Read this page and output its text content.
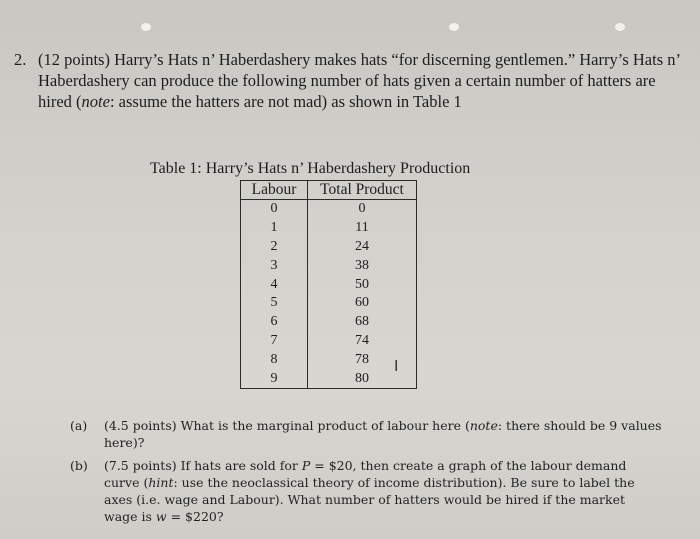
2. (12 points) Harry’s Hats n’ Haberdashery makes hats “for discerning gentlemen.” Harry’s Hats n’ Haberdashery can produce the following number of hats given a certain number of hatters are hired (note: assume the hatters are not mad) as shown in Table 1
Table 1: Harry’s Hats n’ Haberdashery Production
Labour	Total Product
0	0
1	11
2	24
3	38
4	50
5	60
6	68
7	74
8	78
9	80
I
(a) (4.5 points) What is the marginal product of labour here (note: there should be 9 values here)?
(b) (7.5 points) If hats are sold for P = $20, then create a graph of the labour demand curve (hint: use the neoclassical theory of income distribution). Be sure to label the axes (i.e. wage and Labour). What number of hatters would be hired if the market wage is w = $220?
